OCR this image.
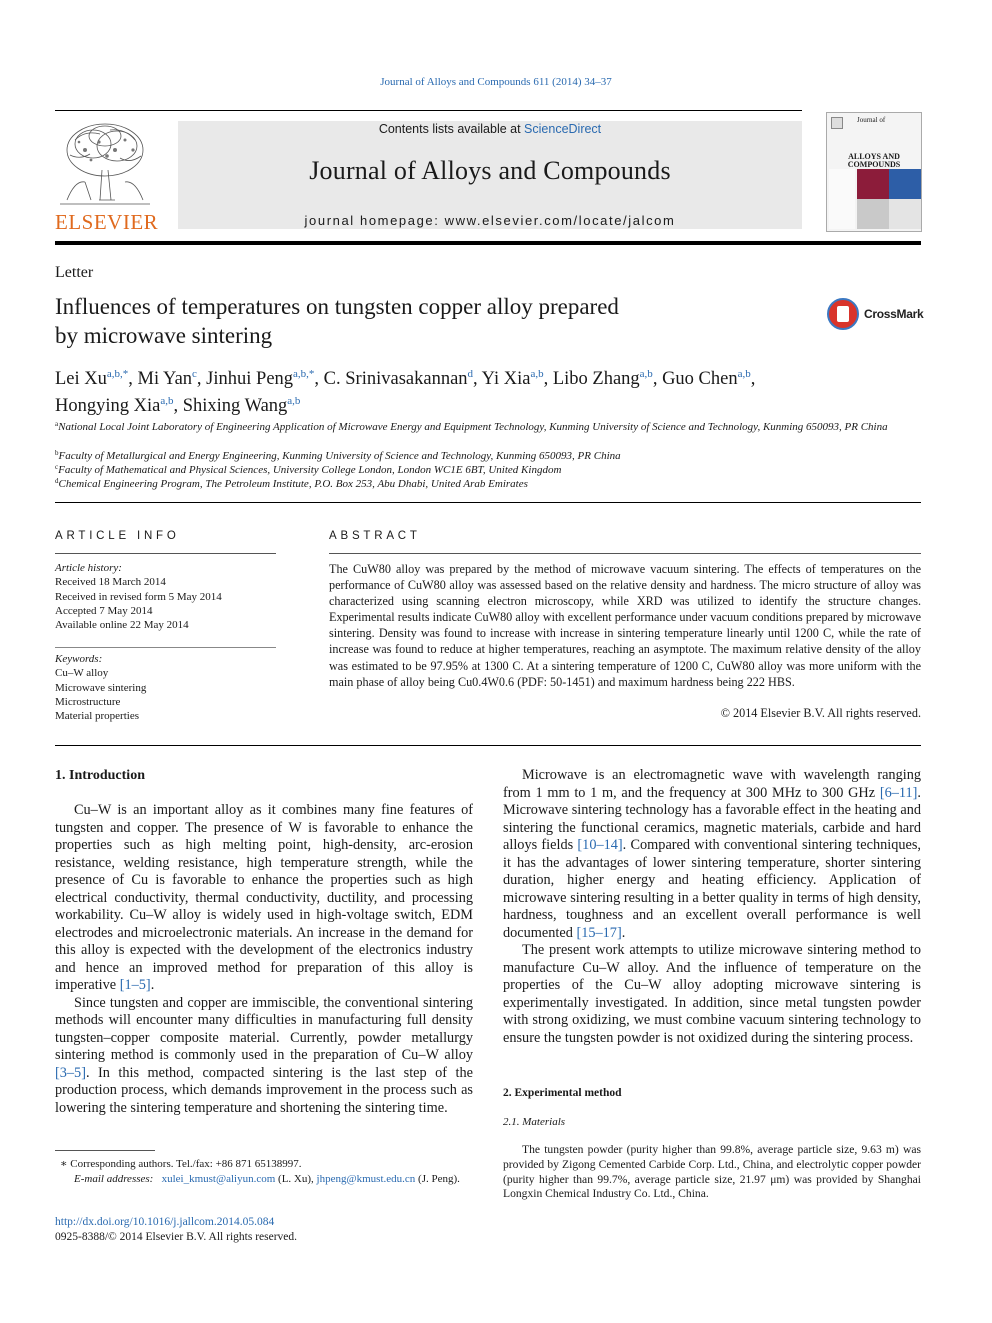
Journal of Alloys and Compounds 611 (2014) 34–37
ELSEVIER
Contents lists available at ScienceDirect
Journal of Alloys and Compounds
journal homepage: www.elsevier.com/locate/jalcom
Journal of
ALLOYS AND COMPOUNDS
Letter
Influences of temperatures on tungsten copper alloy prepared
by microwave sintering
CrossMark
Lei $Xu^{a,b,*}$, Mi Yan$^c$, Jinhui Peng$^{a,b,*}$, C. Srinivasakannan$^d$, Yi Xia$^{a,b}$, Libo Zhang$^{a,b}$, Guo Chen$^{a,b}$,
Hongying Xia$^{a,b}$, Shixing Wang$^{a,b}$
$^a$National Local Joint Laboratory of Engineering Application of Microwave Energy and Equipment Technology, Kunming University of Science and Technology, Kunming 650093, PR China
$^b$Faculty of Metallurgical and Energy Engineering, Kunming University of Science and Technology, Kunming 650093, PR China
$^c$Faculty of Mathematical and Physical Sciences, University College London, London WC1E 6BT, United Kingdom
$^d$Chemical Engineering Program, The Petroleum Institute, P.O. Box 253, Abu Dhabi, United Arab Emirates
ARTICLE INFO
Article history:
Received 18 March 2014
Received in revised form 5 May 2014
Accepted 7 May 2014
Available online 22 May 2014
Keywords:
Cu–W alloy
Microwave sintering
Microstructure
Material properties
ABSTRACT
The CuW80 alloy was prepared by the method of microwave vacuum sintering. The effects of temperatures on the performance of CuW80 alloy was assessed based on the relative density and hardness. The micro structure of alloy was characterized using scanning electron microscopy, while XRD was utilized to identify the structure changes. Experimental results indicate CuW80 alloy with excellent performance under vacuum conditions prepared by microwave sintering. Density was found to increase with increase in sintering temperature linearly until 1200 C, while the rate of increase was found to reduce at higher temperatures, reaching an asymptote. The maximum relative density of the alloy was estimated to be 97.95% at 1300 C. At a sintering temperature of 1200 C, CuW80 alloy was more uniform with the main phase of alloy being Cu0.4W0.6 (PDF: 50-1451) and maximum hardness being 222 HBS.
© 2014 Elsevier B.V. All rights reserved.
1. Introduction

Cu–W is an important alloy as it combines many fine features of tungsten and copper. The presence of W is favorable to enhance the properties such as high melting point, high-density, arc-erosion resistance, welding resistance, high temperature strength, while the presence of Cu is favorable to enhance the properties such as high electrical conductivity, thermal conductivity, ductility, and processing workability. Cu–W alloy is widely used in high-voltage switch, EDM electrodes and microelectronic materials. An increase in the demand for this alloy is expected with the development of the electronics industry and hence an improved method for preparation of this alloy is imperative [1–5].

Since tungsten and copper are immiscible, the conventional sintering methods will encounter many difficulties in manufacturing full density tungsten–copper composite material. Currently, powder metallurgy sintering method is commonly used in the preparation of Cu–W alloy [3–5]. In this method, compacted sintering is the last step of the production process, which demands improvement in the process such as lowering the sintering temperature and shortening the sintering time.

Microwave is an electromagnetic wave with wavelength ranging from 1 mm to 1 m, and the frequency at 300 MHz to 300 GHz [6–11]. Microwave sintering technology has a favorable effect in the heating and sintering the functional ceramics, magnetic materials, carbide and hard alloys fields [10–14]. Compared with conventional sintering techniques, it has the advantages of lower sintering temperature, shorter sintering duration, higher energy and heating efficiency. Application of microwave sintering resulting in a better quality in terms of high density, hardness, toughness and an excellent overall performance is well documented [15–17].

The present work attempts to utilize microwave sintering method to manufacture Cu–W alloy. And the influence of temperature on the properties of the Cu–W alloy adopting microwave sintering is experimentally investigated. In addition, since metal tungsten powder with strong oxidizing, we must combine vacuum sintering technology to ensure the tungsten powder is not oxidized during the sintering process.

2. Experimental method
2.1. Materials

The tungsten powder (purity higher than 99.8%, average particle size, 9.63 m) was provided by Zigong Cemented Carbide Corp. Ltd., China, and electrolytic copper powder (purity higher than 99.7%, average particle size, 21.97 μm) was provided by Shanghai Longxin Chemical Industry Co. Ltd., China.

∗ Corresponding authors. Tel./fax: +86 871 65138997.
E-mail addresses: xulei_kmust@aliyun.com (L. Xu), jhpeng@kmust.edu.cn (J. Peng).
http://dx.doi.org/10.1016/j.jallcom.2014.05.084
0925-8388/© 2014 Elsevier B.V. All rights reserved.
